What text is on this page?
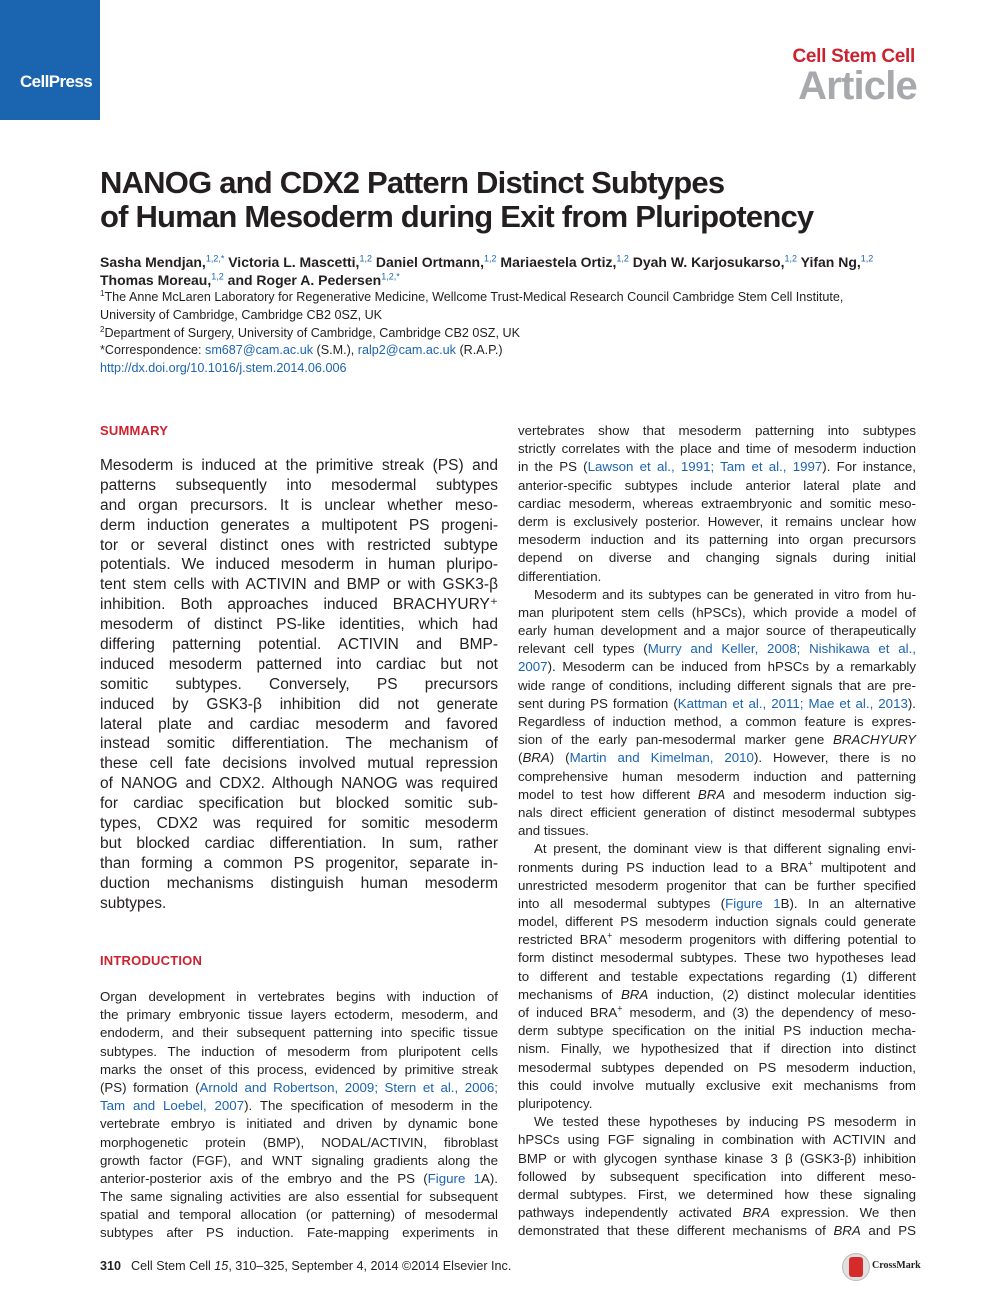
CellPress
Cell Stem Cell
Article
NANOG and CDX2 Pattern Distinct Subtypes
of Human Mesoderm during Exit from Pluripotency
Sasha Mendjan,$^{1,2,*}$ Victoria L. Mascetti,$^{1,2}$ Daniel Ortmann,$^{1,2}$ Mariaestela Ortiz,$^{1,2}$ Dyah W. Karjosukarso,$^{1,2}$ Yifan Ng,$^{1,2}$
Thomas Moreau,$^{1,2}$ and Roger A. Pedersen$^{1,2,*}$
$^1$The Anne McLaren Laboratory for Regenerative Medicine, Wellcome Trust-Medical Research Council Cambridge Stem Cell Institute,
University of Cambridge, Cambridge CB2 0SZ, UK
$^2$Department of Surgery, University of Cambridge, Cambridge CB2 0SZ, UK
*Correspondence: sm687@cam.ac.uk (S.M.), ralp2@cam.ac.uk (R.A.P.)
http://dx.doi.org/10.1016/j.stem.2014.06.006
SUMMARY
Mesoderm is induced at the primitive streak (PS) and
patterns subsequently into mesodermal subtypes
and organ precursors. It is unclear whether meso-
derm induction generates a multipotent PS progeni-
tor or several distinct ones with restricted subtype
potentials. We induced mesoderm in human pluripo-
tent stem cells with ACTIVIN and BMP or with GSK3-β
inhibition. Both approaches induced BRACHYURY⁺
mesoderm of distinct PS-like identities, which had
differing patterning potential. ACTIVIN and BMP-
induced mesoderm patterned into cardiac but not
somitic subtypes. Conversely, PS precursors
induced by GSK3-β inhibition did not generate
lateral plate and cardiac mesoderm and favored
instead somitic differentiation. The mechanism of
these cell fate decisions involved mutual repression
of NANOG and CDX2. Although NANOG was required
for cardiac specification but blocked somitic sub-
types, CDX2 was required for somitic mesoderm
but blocked cardiac differentiation. In sum, rather
than forming a common PS progenitor, separate in-
duction mechanisms distinguish human mesoderm
subtypes.
INTRODUCTION
Organ development in vertebrates begins with induction of
the primary embryonic tissue layers ectoderm, mesoderm, and
endoderm, and their subsequent patterning into specific tissue
subtypes. The induction of mesoderm from pluripotent cells
marks the onset of this process, evidenced by primitive streak
(PS) formation (Arnold and Robertson, 2009; Stern et al., 2006;
Tam and Loebel, 2007). The specification of mesoderm in the
vertebrate embryo is initiated and driven by dynamic bone
morphogenetic protein (BMP), NODAL/ACTIVIN, fibroblast
growth factor (FGF), and WNT signaling gradients along the
anterior-posterior axis of the embryo and the PS (Figure 1A).
The same signaling activities are also essential for subsequent
spatial and temporal allocation (or patterning) of mesodermal
subtypes after PS induction. Fate-mapping experiments in
vertebrates show that mesoderm patterning into subtypes
strictly correlates with the place and time of mesoderm induction
in the PS (Lawson et al., 1991; Tam et al., 1997). For instance,
anterior-specific subtypes include anterior lateral plate and
cardiac mesoderm, whereas extraembryonic and somitic meso-
derm is exclusively posterior. However, it remains unclear how
mesoderm induction and its patterning into organ precursors
depend on diverse and changing signals during initial
differentiation.
Mesoderm and its subtypes can be generated in vitro from hu-
man pluripotent stem cells (hPSCs), which provide a model of
early human development and a major source of therapeutically
relevant cell types (Murry and Keller, 2008; Nishikawa et al.,
2007). Mesoderm can be induced from hPSCs by a remarkably
wide range of conditions, including different signals that are pre-
sent during PS formation (Kattman et al., 2011; Mae et al., 2013).
Regardless of induction method, a common feature is expres-
sion of the early pan-mesodermal marker gene BRACHYURY
(BRA) (Martin and Kimelman, 2010). However, there is no
comprehensive human mesoderm induction and patterning
model to test how different BRA and mesoderm induction sig-
nals direct efficient generation of distinct mesodermal subtypes
and tissues.
At present, the dominant view is that different signaling envi-
ronments during PS induction lead to a BRA+ multipotent and
unrestricted mesoderm progenitor that can be further specified
into all mesodermal subtypes (Figure 1B). In an alternative
model, different PS mesoderm induction signals could generate
restricted BRA+ mesoderm progenitors with differing potential to
form distinct mesodermal subtypes. These two hypotheses lead
to different and testable expectations regarding (1) different
mechanisms of BRA induction, (2) distinct molecular identities
of induced BRA+ mesoderm, and (3) the dependency of meso-
derm subtype specification on the initial PS induction mecha-
nism. Finally, we hypothesized that if direction into distinct
mesodermal subtypes depended on PS mesoderm induction,
this could involve mutually exclusive exit mechanisms from
pluripotency.
We tested these hypotheses by inducing PS mesoderm in
hPSCs using FGF signaling in combination with ACTIVIN and
BMP or with glycogen synthase kinase 3 β (GSK3-β) inhibition
followed by subsequent specification into different meso-
dermal subtypes. First, we determined how these signaling
pathways independently activated BRA expression. We then
demonstrated that these different mechanisms of BRA and PS
310 Cell Stem Cell 15, 310–325, September 4, 2014 ©2014 Elsevier Inc.	CrossMark
